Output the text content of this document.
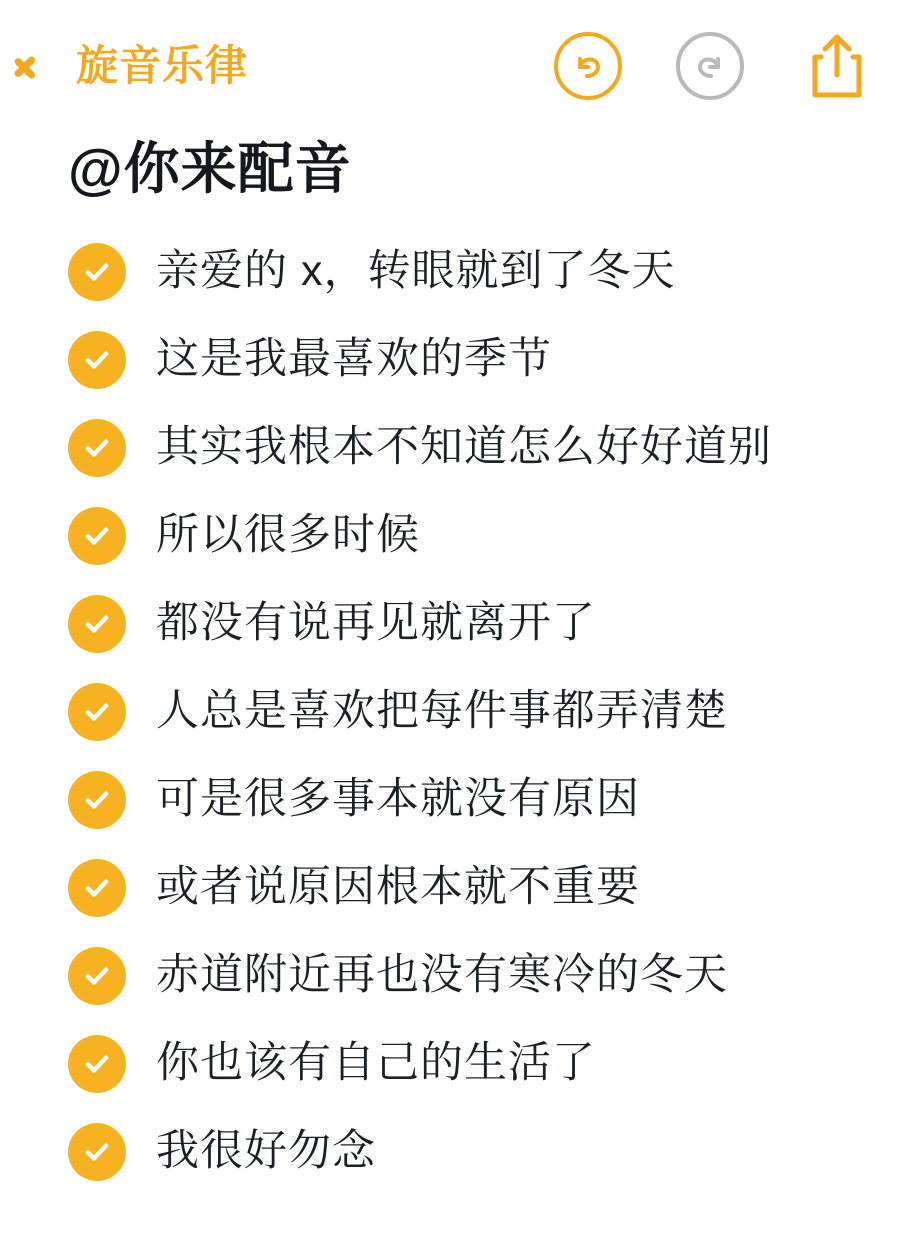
旋音乐律
@你来配音
亲爱的 x，转眼就到了冬天
这是我最喜欢的季节
其实我根本不知道怎么好好道别
所以很多时候
都没有说再见就离开了
人总是喜欢把每件事都弄清楚
可是很多事本就没有原因
或者说原因根本就不重要
赤道附近再也没有寒冷的冬天
你也该有自己的生活了
我很好勿念
